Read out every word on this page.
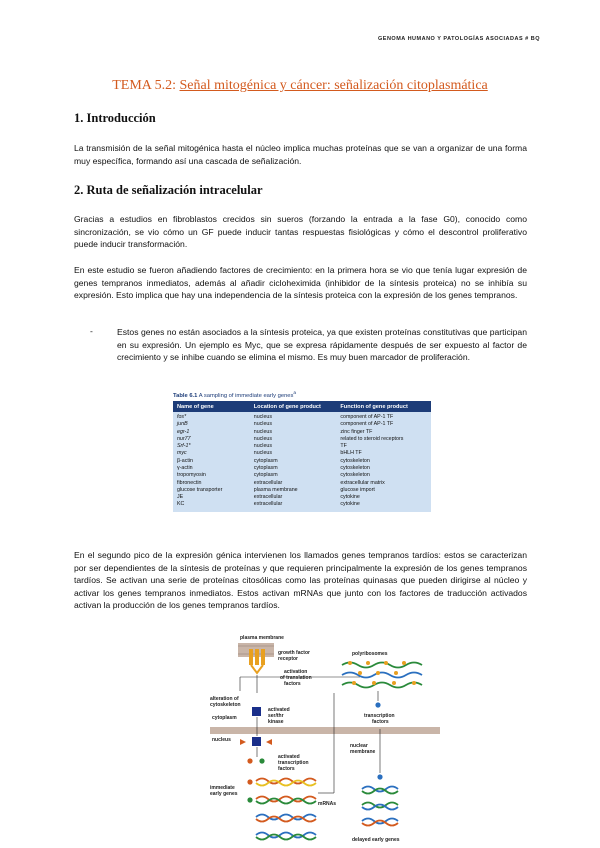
GENOMA HUMANO Y PATOLOGÍAS ASOCIADAS # BQ
TEMA 5.2: Señal mitogénica y cáncer: señalización citoplasmática
1. Introducción

La transmisión de la señal mitogénica hasta el núcleo implica muchas proteínas que se van a organizar de una forma muy específica, formando así una cascada de señalización.

2. Ruta de señalización intracelular

Gracias a estudios en fibroblastos crecidos sin sueros (forzando la entrada a la fase G0), conocido como sincronización, se vio cómo un GF puede inducir tantas respuestas fisiológicas y cómo el descontrol proliferativo puede inducir transformación.

En este estudio se fueron añadiendo factores de crecimiento: en la primera hora se vio que tenía lugar expresión de genes tempranos inmediatos, además al añadir cicloheximida (inhibidor de la síntesis proteica) no se inhibía su expresión. Esto implica que hay una independencia de la síntesis proteica con la expresión de los genes tempranos.

-	Estos genes no están asociados a la síntesis proteica, ya que existen proteínas constitutivas que participan en su expresión. Un ejemplo es Myc, que se expresa rápidamente después de ser expuesto al factor de crecimiento y se inhibe cuando se elimina el mismo. Es muy buen marcador de proliferación.

Table 6.1 A sampling of immediate early genes$^a$
Name of gene	Location of gene product	Function of gene product
fos*	nucleus	component of AP-1 TF
junB	nucleus	component of AP-1 TF
egr-1	nucleus	zinc finger TF
nur77	nucleus	related to steroid receptors
Srf-1*	nucleus	TF
myc	nucleus	bHLH TF
β-actin	cytoplasm	cytoskeleton
γ-actin	cytoplasm	cytoskeleton
tropomyosin	cytoplasm	cytoskeleton
fibronectin	extracellular	extracellular matrix
glucose transporter	plasma membrane	glucose import
JE	extracellular	cytokine
KC	extracellular	cytokine

En el segundo pico de la expresión génica intervienen los llamados genes tempranos tardíos: estos se caracterizan por ser dependientes de la síntesis de proteínas y que requieren principalmente la expresión de los genes tempranos tardíos. Se activan una serie de proteínas citosólicas como las proteínas quinasas que pueden dirigirse al núcleo y activar los genes tempranos inmediatos. Estos activan mRNAs que junto con los factores de traducción activados activan la producción de los genes tempranos tardíos.

plasma membrane
growth factor
receptor
activation
of translation
factors
alteration of
cytoskeleton
cytoplasm
activated
ser/thr
kinase
polyribosomes
transcription
factors
nucleus
nuclear
membrane
activated
transcription
factors
immediate
early genes
mRNAs
delayed early genes
